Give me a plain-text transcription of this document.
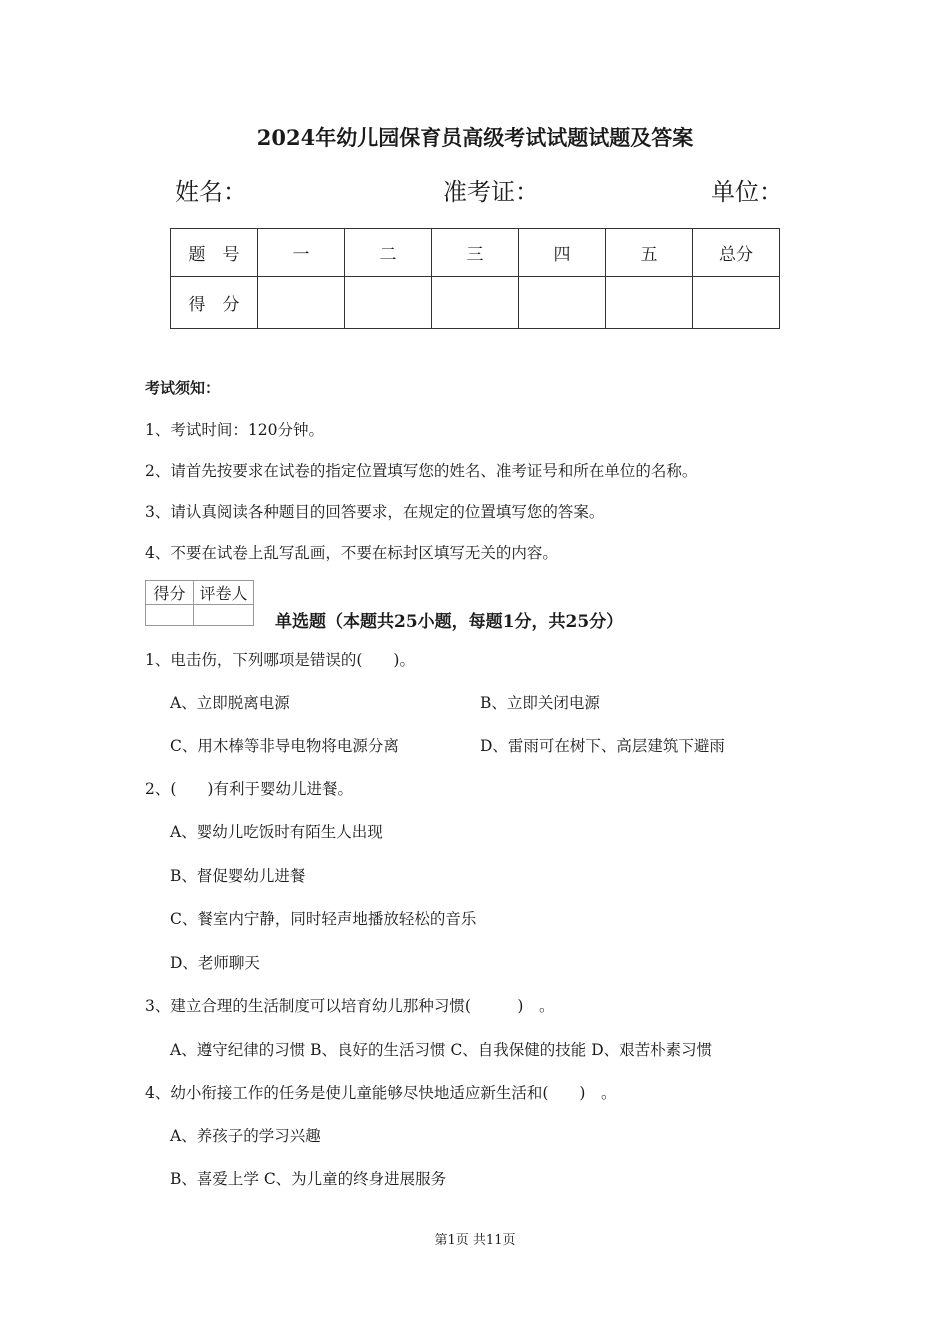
2024年幼儿园保育员高级考试试题试题及答案
姓名：	准考证：	单位：
题　号	一	二	三	四	五	总分
得　分						
考试须知：
1、考试时间：120分钟。
2、请首先按要求在试卷的指定位置填写您的姓名、准考证号和所在单位的名称。
3、请认真阅读各种题目的回答要求，在规定的位置填写您的答案。
4、不要在试卷上乱写乱画，不要在标封区填写无关的内容。
得分	评卷人

单选题（本题共25小题，每题1分，共25分）
1、电击伤，下列哪项是错误的(　　)。
A、立即脱离电源	B、立即关闭电源
C、用木棒等非导电物将电源分离	D、雷雨可在树下、高层建筑下避雨
2、(　　)有利于婴幼儿进餐。
A、婴幼儿吃饭时有陌生人出现
B、督促婴幼儿进餐
C、餐室内宁静，同时轻声地播放轻松的音乐
D、老师聊天
3、建立合理的生活制度可以培育幼儿那种习惯(　　　)　。
A、遵守纪律的习惯 B、良好的生活习惯 C、自我保健的技能 D、艰苦朴素习惯
4、幼小衔接工作的任务是使儿童能够尽快地适应新生活和(　　)　。
A、养孩子的学习兴趣
B、喜爱上学 C、为儿童的终身进展服务
第1页 共11页
